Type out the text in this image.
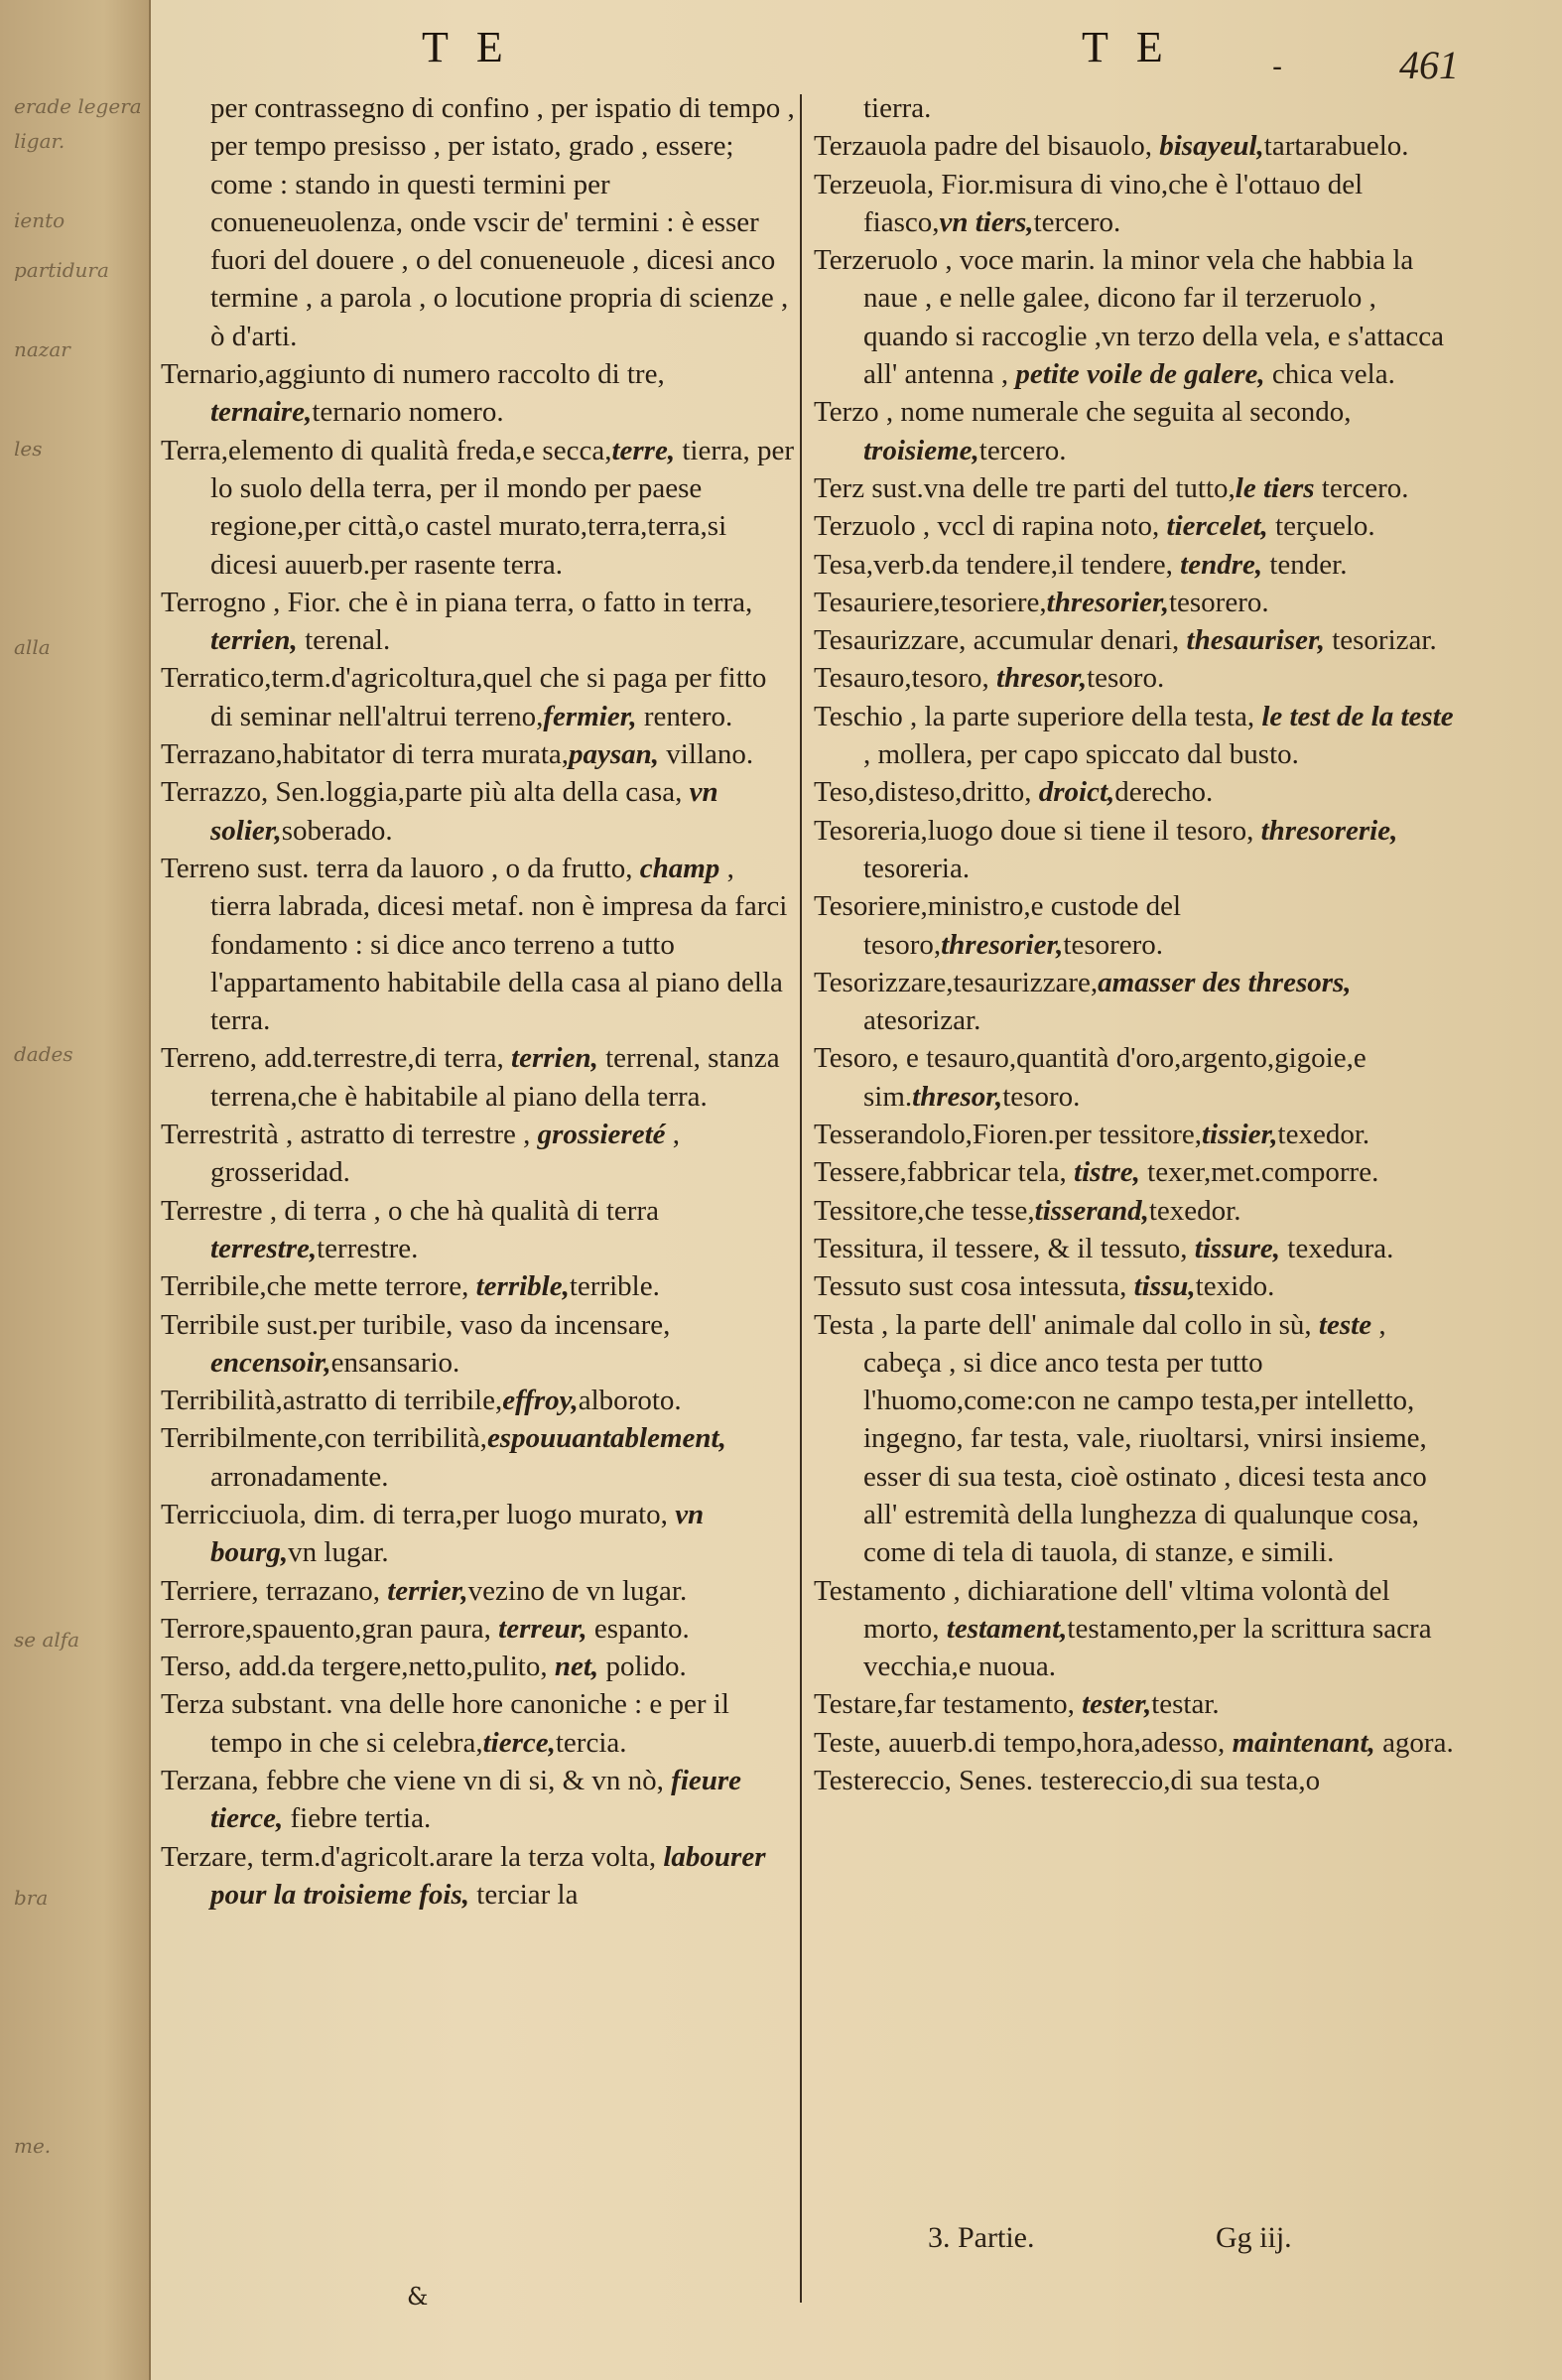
erade legera
ligar.
iento
partidura
nazar
les
alla
dades
se alfa
bra
me.
TE	-
TE	461

per contrassegno di confino , per ispatio di tempo , per tempo presisso , per istato, grado , essere; come : stando in questi termini per conueneuolenza, onde vscir de' termini : è esser fuori del douere , o del conueneuole , dicesi anco termine , a parola , o locutione propria di scienze , ò d'arti.

Ternario,aggiunto di numero raccolto di tre, ternaire,ternario nomero.

Terra,elemento di qualità freda,e secca,terre, tierra, per lo suolo della terra, per il mondo per paese regione,per città,o castel murato,terra,terra,si dicesi auuerb.per rasente terra.

Terrogno , Fior. che è in piana terra, o fatto in terra, terrien, terenal.

Terratico,term.d'agricoltura,quel che si paga per fitto di seminar nell'altrui terreno,fermier, rentero.

Terrazano,habitator di terra murata,paysan, villano.

Terrazzo, Sen.loggia,parte più alta della casa, vn solier,soberado.

Terreno sust. terra da lauoro , o da frutto, champ , tierra labrada, dicesi metaf. non è impresa da farci fondamento : si dice anco terreno a tutto l'appartamento habitabile della casa al piano della terra.

Terreno, add.terrestre,di terra, terrien, terrenal, stanza terrena,che è habitabile al piano della terra.

Terrestrità , astratto di terrestre , grossiereté , grosseridad.

Terrestre , di terra , o che hà qualità di terra terrestre,terrestre.

Terribile,che mette terrore, terrible,terrible.

Terribile sust.per turibile, vaso da incensare, encensoir,ensansario.

Terribilità,astratto di terribile,effroy,alboroto.

Terribilmente,con terribilità,espouuantablement, arronadamente.

Terricciuola, dim. di terra,per luogo murato, vn bourg,vn lugar.

Terriere, terrazano, terrier,vezino de vn lugar.

Terrore,spauento,gran paura, terreur, espanto.

Terso, add.da tergere,netto,pulito, net, polido.

Terza substant. vna delle hore canoniche : e per il tempo in che si celebra,tierce,tercia.

Terzana, febbre che viene vn di si, & vn nò, fieure tierce, fiebre tertia.

Terzare, term.d'agricolt.arare la terza volta, labourer pour la troisieme fois, terciar la

tierra.

Terzauola padre del bisauolo, bisayeul,tartarabuelo.

Terzeuola, Fior.misura di vino,che è l'ottauo del fiasco,vn tiers,tercero.

Terzeruolo , voce marin. la minor vela che habbia la naue , e nelle galee, dicono far il terzeruolo , quando si raccoglie ,vn terzo della vela, e s'attacca all' antenna , petite voile de galere, chica vela.

Terzo , nome numerale che seguita al secondo, troisieme,tercero.

Terz sust.vna delle tre parti del tutto,le tiers tercero.

Terzuolo , vccl di rapina noto, tiercelet, terçuelo.

Tesa,verb.da tendere,il tendere, tendre, tender.

Tesauriere,tesoriere,thresorier,tesorero.

Tesaurizzare, accumular denari, thesauriser, tesorizar.

Tesauro,tesoro, thresor,tesoro.

Teschio , la parte superiore della testa, le test de la teste , mollera, per capo spiccato dal busto.

Teso,disteso,dritto, droict,derecho.

Tesoreria,luogo doue si tiene il tesoro, thresorerie, tesoreria.

Tesoriere,ministro,e custode del tesoro,thresorier,tesorero.

Tesorizzare,tesaurizzare,amasser des thresors, atesorizar.

Tesoro, e tesauro,quantità d'oro,argento,gigoie,e sim.thresor,tesoro.

Tesserandolo,Fioren.per tessitore,tissier,texedor.

Tessere,fabbricar tela, tistre, texer,met.comporre.

Tessitore,che tesse,tisserand,texedor.

Tessitura, il tessere, & il tessuto, tissure, texedura.

Tessuto sust cosa intessuta, tissu,texido.

Testa , la parte dell' animale dal collo in sù, teste , cabeça , si dice anco testa per tutto l'huomo,come:con ne campo testa,per intelletto, ingegno, far testa, vale, riuoltarsi, vnirsi insieme, esser di sua testa, cioè ostinato , dicesi testa anco all' estremità della lunghezza di qualunque cosa, come di tela di tauola, di stanze, e simili.

Testamento , dichiaratione dell' vltima volontà del morto, testament,testamento,per la scrittura sacra vecchia,e nuoua.

Testare,far testamento, tester,testar.

Teste, auuerb.di tempo,hora,adesso, maintenant, agora.

Testereccio, Senes. testereccio,di sua testa,o

3. Partie.	Gg iij.
&
